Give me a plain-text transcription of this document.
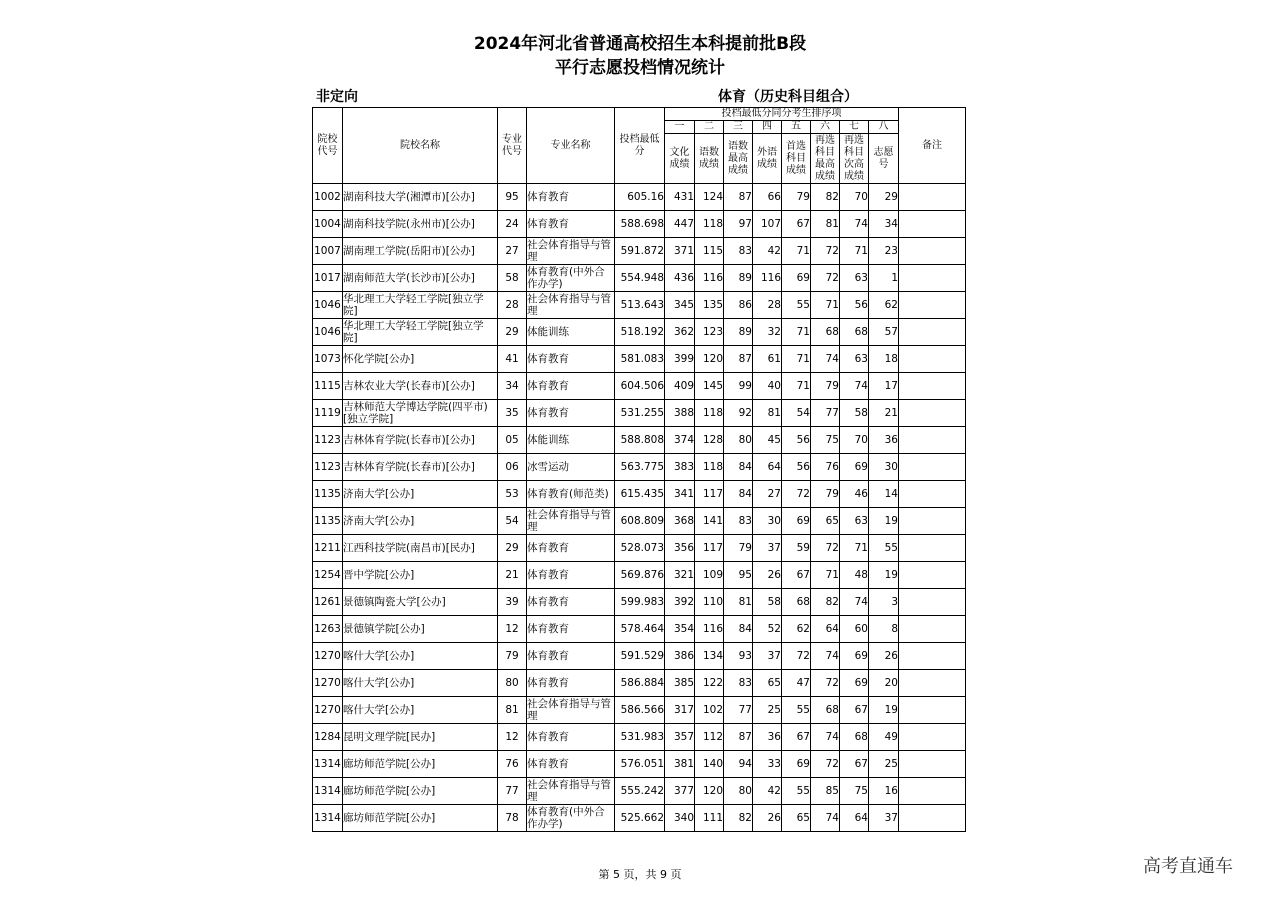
2024年河北省普通高校招生本科提前批B段
平行志愿投档情况统计
非定向	体育（历史科目组合）
院校代号	院校名称	专业代号	专业名称	投档最低分	投档最低分同分考生排序项								备注
					一	二	三	四	五	六	七	八	
					文化成绩	语数成绩	语数最高成绩	外语成绩	首选科目成绩	再选科目最高成绩	再选科目次高成绩	志愿号	
1002	湖南科技大学(湘潭市)[公办]	95	体育教育	605.16	431	124	87	66	79	82	70	29	
1004	湖南科技学院(永州市)[公办]	24	体育教育	588.698	447	118	97	107	67	81	74	34	
1007	湖南理工学院(岳阳市)[公办]	27	社会体育指导与管理	591.872	371	115	83	42	71	72	71	23	
1017	湖南师范大学(长沙市)[公办]	58	体育教育(中外合作办学)	554.948	436	116	89	116	69	72	63	1	
1046	华北理工大学轻工学院[独立学院]	28	社会体育指导与管理	513.643	345	135	86	28	55	71	56	62	
1046	华北理工大学轻工学院[独立学院]	29	体能训练	518.192	362	123	89	32	71	68	68	57	
1073	怀化学院[公办]	41	体育教育	581.083	399	120	87	61	71	74	63	18	
1115	吉林农业大学(长春市)[公办]	34	体育教育	604.506	409	145	99	40	71	79	74	17	
1119	吉林师范大学博达学院(四平市)[独立学院]	35	体育教育	531.255	388	118	92	81	54	77	58	21	
1123	吉林体育学院(长春市)[公办]	05	体能训练	588.808	374	128	80	45	56	75	70	36	
1123	吉林体育学院(长春市)[公办]	06	冰雪运动	563.775	383	118	84	64	56	76	69	30	
1135	济南大学[公办]	53	体育教育(师范类)	615.435	341	117	84	27	72	79	46	14	
1135	济南大学[公办]	54	社会体育指导与管理	608.809	368	141	83	30	69	65	63	19	
1211	江西科技学院(南昌市)[民办]	29	体育教育	528.073	356	117	79	37	59	72	71	55	
1254	晋中学院[公办]	21	体育教育	569.876	321	109	95	26	67	71	48	19	
1261	景德镇陶瓷大学[公办]	39	体育教育	599.983	392	110	81	58	68	82	74	3	
1263	景德镇学院[公办]	12	体育教育	578.464	354	116	84	52	62	64	60	8	
1270	喀什大学[公办]	79	体育教育	591.529	386	134	93	37	72	74	69	26	
1270	喀什大学[公办]	80	体育教育	586.884	385	122	83	65	47	72	69	20	
1270	喀什大学[公办]	81	社会体育指导与管理	586.566	317	102	77	25	55	68	67	19	
1284	昆明文理学院[民办]	12	体育教育	531.983	357	112	87	36	67	74	68	49	
1314	廊坊师范学院[公办]	76	体育教育	576.051	381	140	94	33	69	72	67	25	
1314	廊坊师范学院[公办]	77	社会体育指导与管理	555.242	377	120	80	42	55	85	75	16	
1314	廊坊师范学院[公办]	78	体育教育(中外合作办学)	525.662	340	111	82	26	65	74	64	37	
第 5 页，共 9 页	高考直通车
